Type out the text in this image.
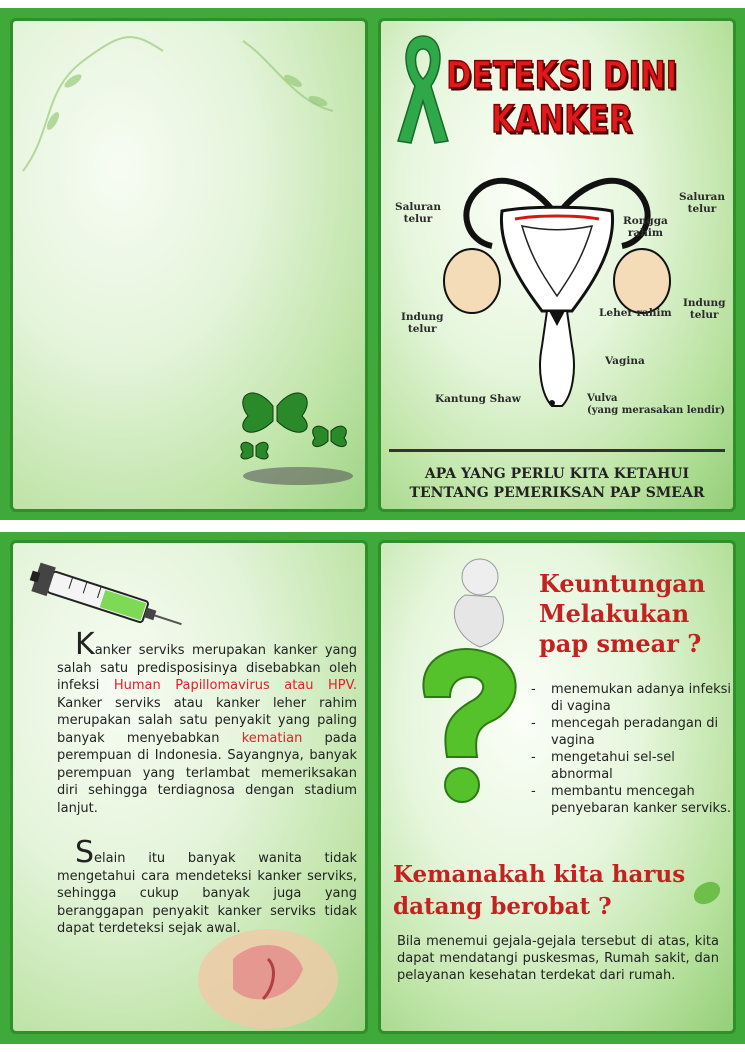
DETEKSI DINI KANKER
Saluran
telur
Saluran
telur
Rongga
rahim
Indung
telur
Indung
telur
Leher rahim
Vagina
Kantung Shaw	Vulva
(yang merasakan lendir)
APA YANG PERLU KITA KETAHUI
TENTANG PEMERIKSAN PAP SMEAR
Kanker serviks merupakan kanker yang salah satu predisposisinya disebabkan oleh infeksi Human Papillomavirus atau HPV. Kanker serviks atau kanker leher rahim merupakan salah satu penyakit yang paling banyak menyebabkan kematian pada perempuan di Indonesia. Sayangnya, banyak perempuan yang terlambat memeriksakan diri sehingga terdiagnosa dengan stadium lanjut.
Selain itu banyak wanita tidak mengetahui cara mendeteksi kanker serviks, sehingga cukup banyak juga yang beranggapan penyakit kanker serviks tidak dapat terdeteksi sejak awal.
Keuntungan
Melakukan
pap smear ?
- menemukan adanya infeksi di vagina
- mencegah peradangan di vagina
- mengetahui sel-sel abnormal
- membantu mencegah penyebaran kanker serviks.
Kemanakah kita harus
datang berobat ?
Bila menemui gejala-gejala tersebut di atas, kita dapat mendatangi puskesmas, Rumah sakit, dan pelayanan kesehatan terdekat dari rumah.
